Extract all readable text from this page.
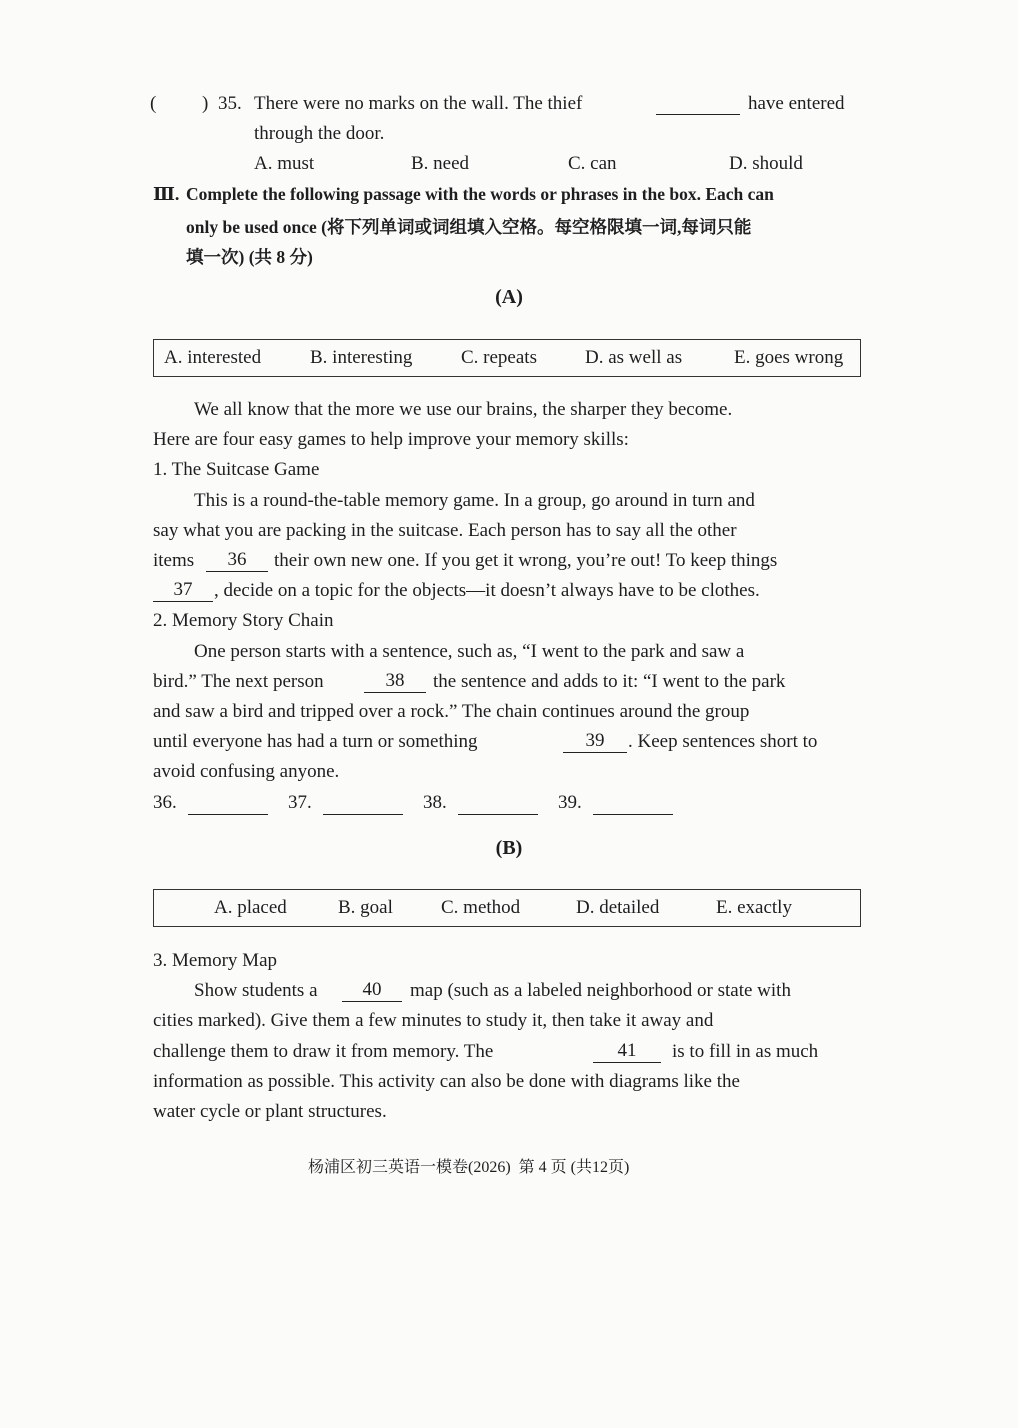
( ) 35. There were no marks on the wall. The thief	have entered
through the door.
A. must	B. need	C. can	D. should
Ⅲ. Complete the following passage with the words or phrases in the box. Each can
only be used once (将下列单词或词组填入空格。每空格限填一词,每词只能
填一次) (共 8 分)
(A)
A. interested	B. interesting	C. repeats	D. as well as	E. goes wrong
We all know that the more we use our brains, the sharper they become.
Here are four easy games to help improve your memory skills:
1. The Suitcase Game
This is a round-the-table memory game. In a group, go around in turn and
say what you are packing in the suitcase. Each person has to say all the other
items	36	their own new one. If you get it wrong, you’re out! To keep things
37	, decide on a topic for the objects—it doesn’t always have to be clothes.
2. Memory Story Chain
One person starts with a sentence, such as, “I went to the park and saw a
bird.” The next person	38	the sentence and adds to it: “I went to the park
and saw a bird and tripped over a rock.” The chain continues around the group
until everyone has had a turn or something	39	. Keep sentences short to
avoid confusing anyone.
36.	37.	38.	39.
(B)
A. placed	B. goal	C. method	D. detailed	E. exactly
3. Memory Map
Show students a	40	map (such as a labeled neighborhood or state with
cities marked). Give them a few minutes to study it, then take it away and
challenge them to draw it from memory. The	41	is to fill in as much
information as possible. This activity can also be done with diagrams like the
water cycle or plant structures.
杨浦区初三英语一模卷(2026)  第 4 页 (共12页)
